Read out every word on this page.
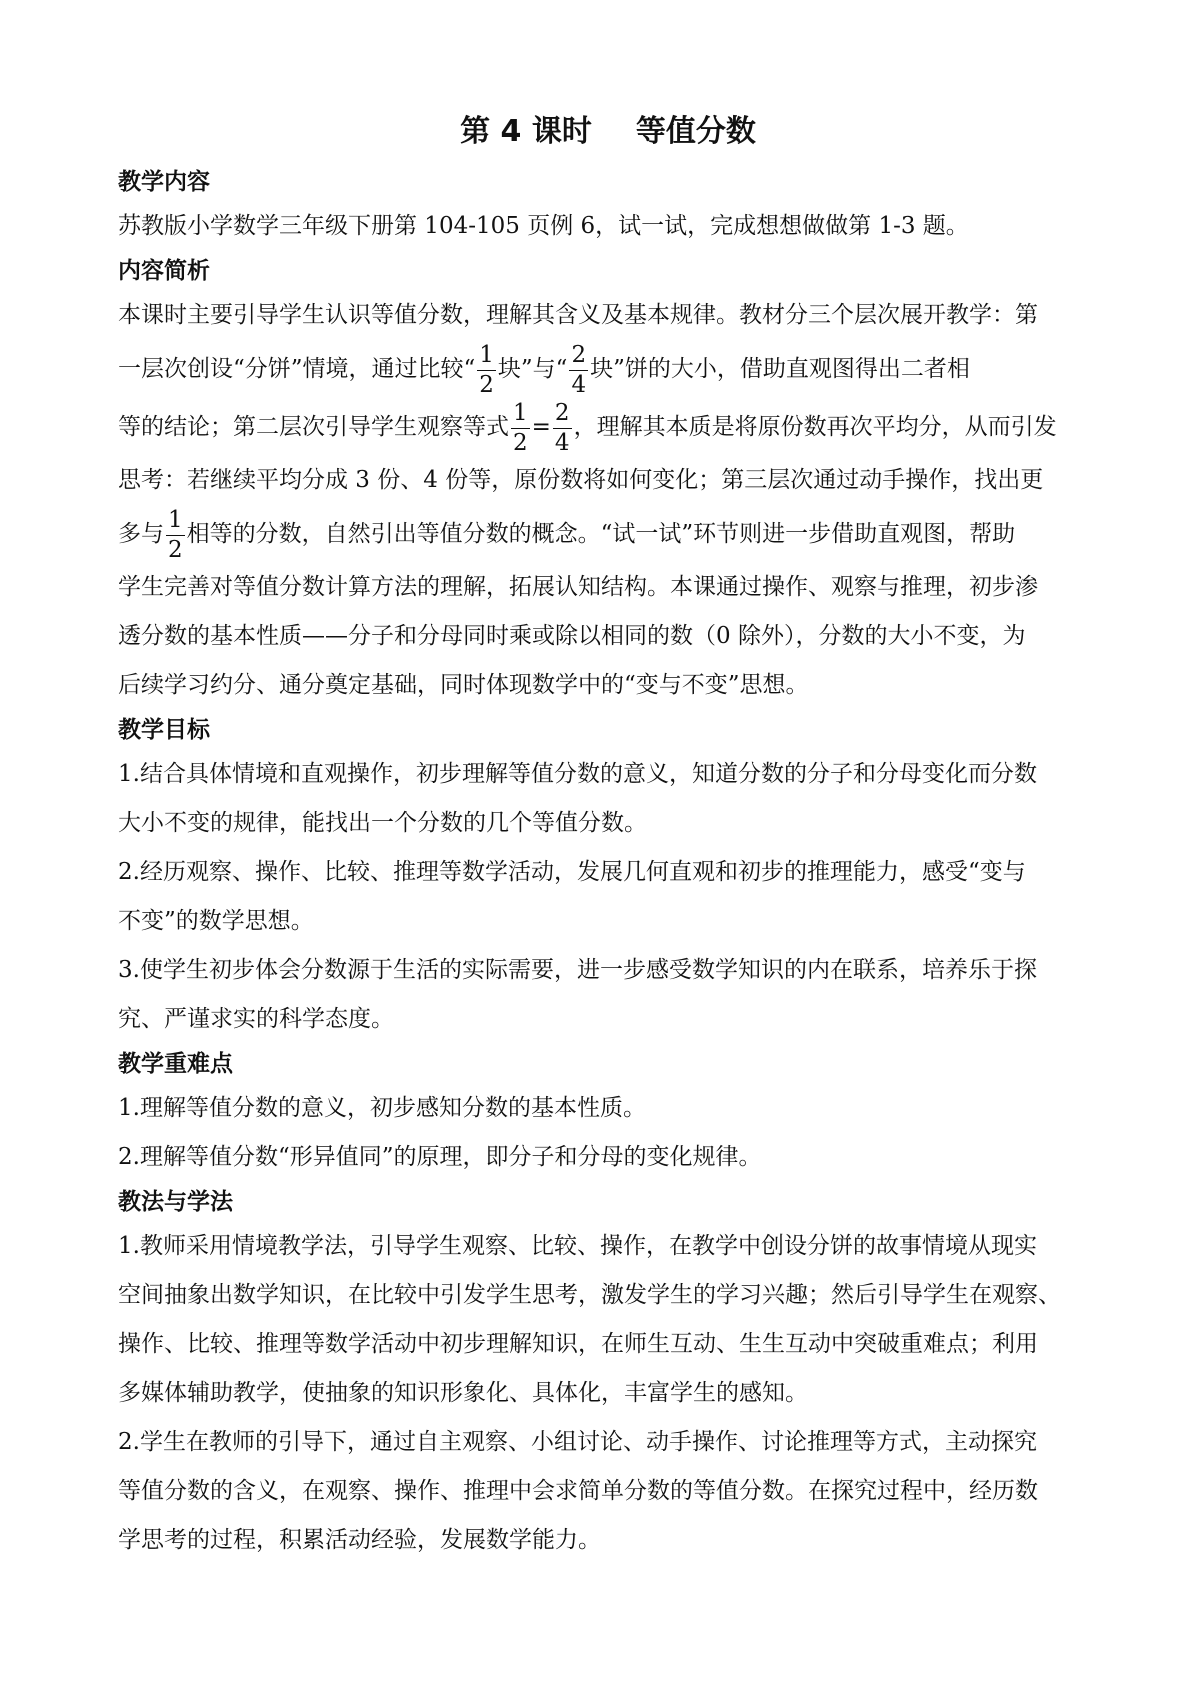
第 4 课时 等值分数
教学内容

苏教版小学数学三年级下册第 104-105 页例 6，试一试，完成想想做做第 1-3 题。

内容简析

本课时主要引导学生认识等值分数，理解其含义及基本规律。教材分三个层次展开教学：第

一层次创设“分饼”情境，通过比较“ $\frac{1}{2}$ 块”与“ $\frac{2}{4}$ 块”饼的大小，借助直观图得出二者相

等的结论；第二层次引导学生观察等式 $\frac{1}{2} = \frac{2}{4}$ ，理解其本质是将原份数再次平均分，从而引发

思考：若继续平均分成 3 份、4 份等，原份数将如何变化；第三层次通过动手操作，找出更

多与 $\frac{1}{2}$ 相等的分数，自然引出等值分数的概念。“试一试”环节则进一步借助直观图，帮助

学生完善对等值分数计算方法的理解，拓展认知结构。本课通过操作、观察与推理，初步渗

透分数的基本性质——分子和分母同时乘或除以相同的数（0 除外），分数的大小不变，为

后续学习约分、通分奠定基础，同时体现数学中的“变与不变”思想。

教学目标

1.结合具体情境和直观操作，初步理解等值分数的意义，知道分数的分子和分母变化而分数

大小不变的规律，能找出一个分数的几个等值分数。

2.经历观察、操作、比较、推理等数学活动，发展几何直观和初步的推理能力，感受“变与

不变”的数学思想。

3.使学生初步体会分数源于生活的实际需要，进一步感受数学知识的内在联系，培养乐于探

究、严谨求实的科学态度。

教学重难点

1.理解等值分数的意义，初步感知分数的基本性质。

2.理解等值分数“形异值同”的原理，即分子和分母的变化规律。

教法与学法

1.教师采用情境教学法，引导学生观察、比较、操作，在教学中创设分饼的故事情境从现实

空间抽象出数学知识，在比较中引发学生思考，激发学生的学习兴趣；然后引导学生在观察、

操作、比较、推理等数学活动中初步理解知识，在师生互动、生生互动中突破重难点；利用

多媒体辅助教学，使抽象的知识形象化、具体化，丰富学生的感知。

2.学生在教师的引导下，通过自主观察、小组讨论、动手操作、讨论推理等方式，主动探究

等值分数的含义，在观察、操作、推理中会求简单分数的等值分数。在探究过程中，经历数

学思考的过程，积累活动经验，发展数学能力。
